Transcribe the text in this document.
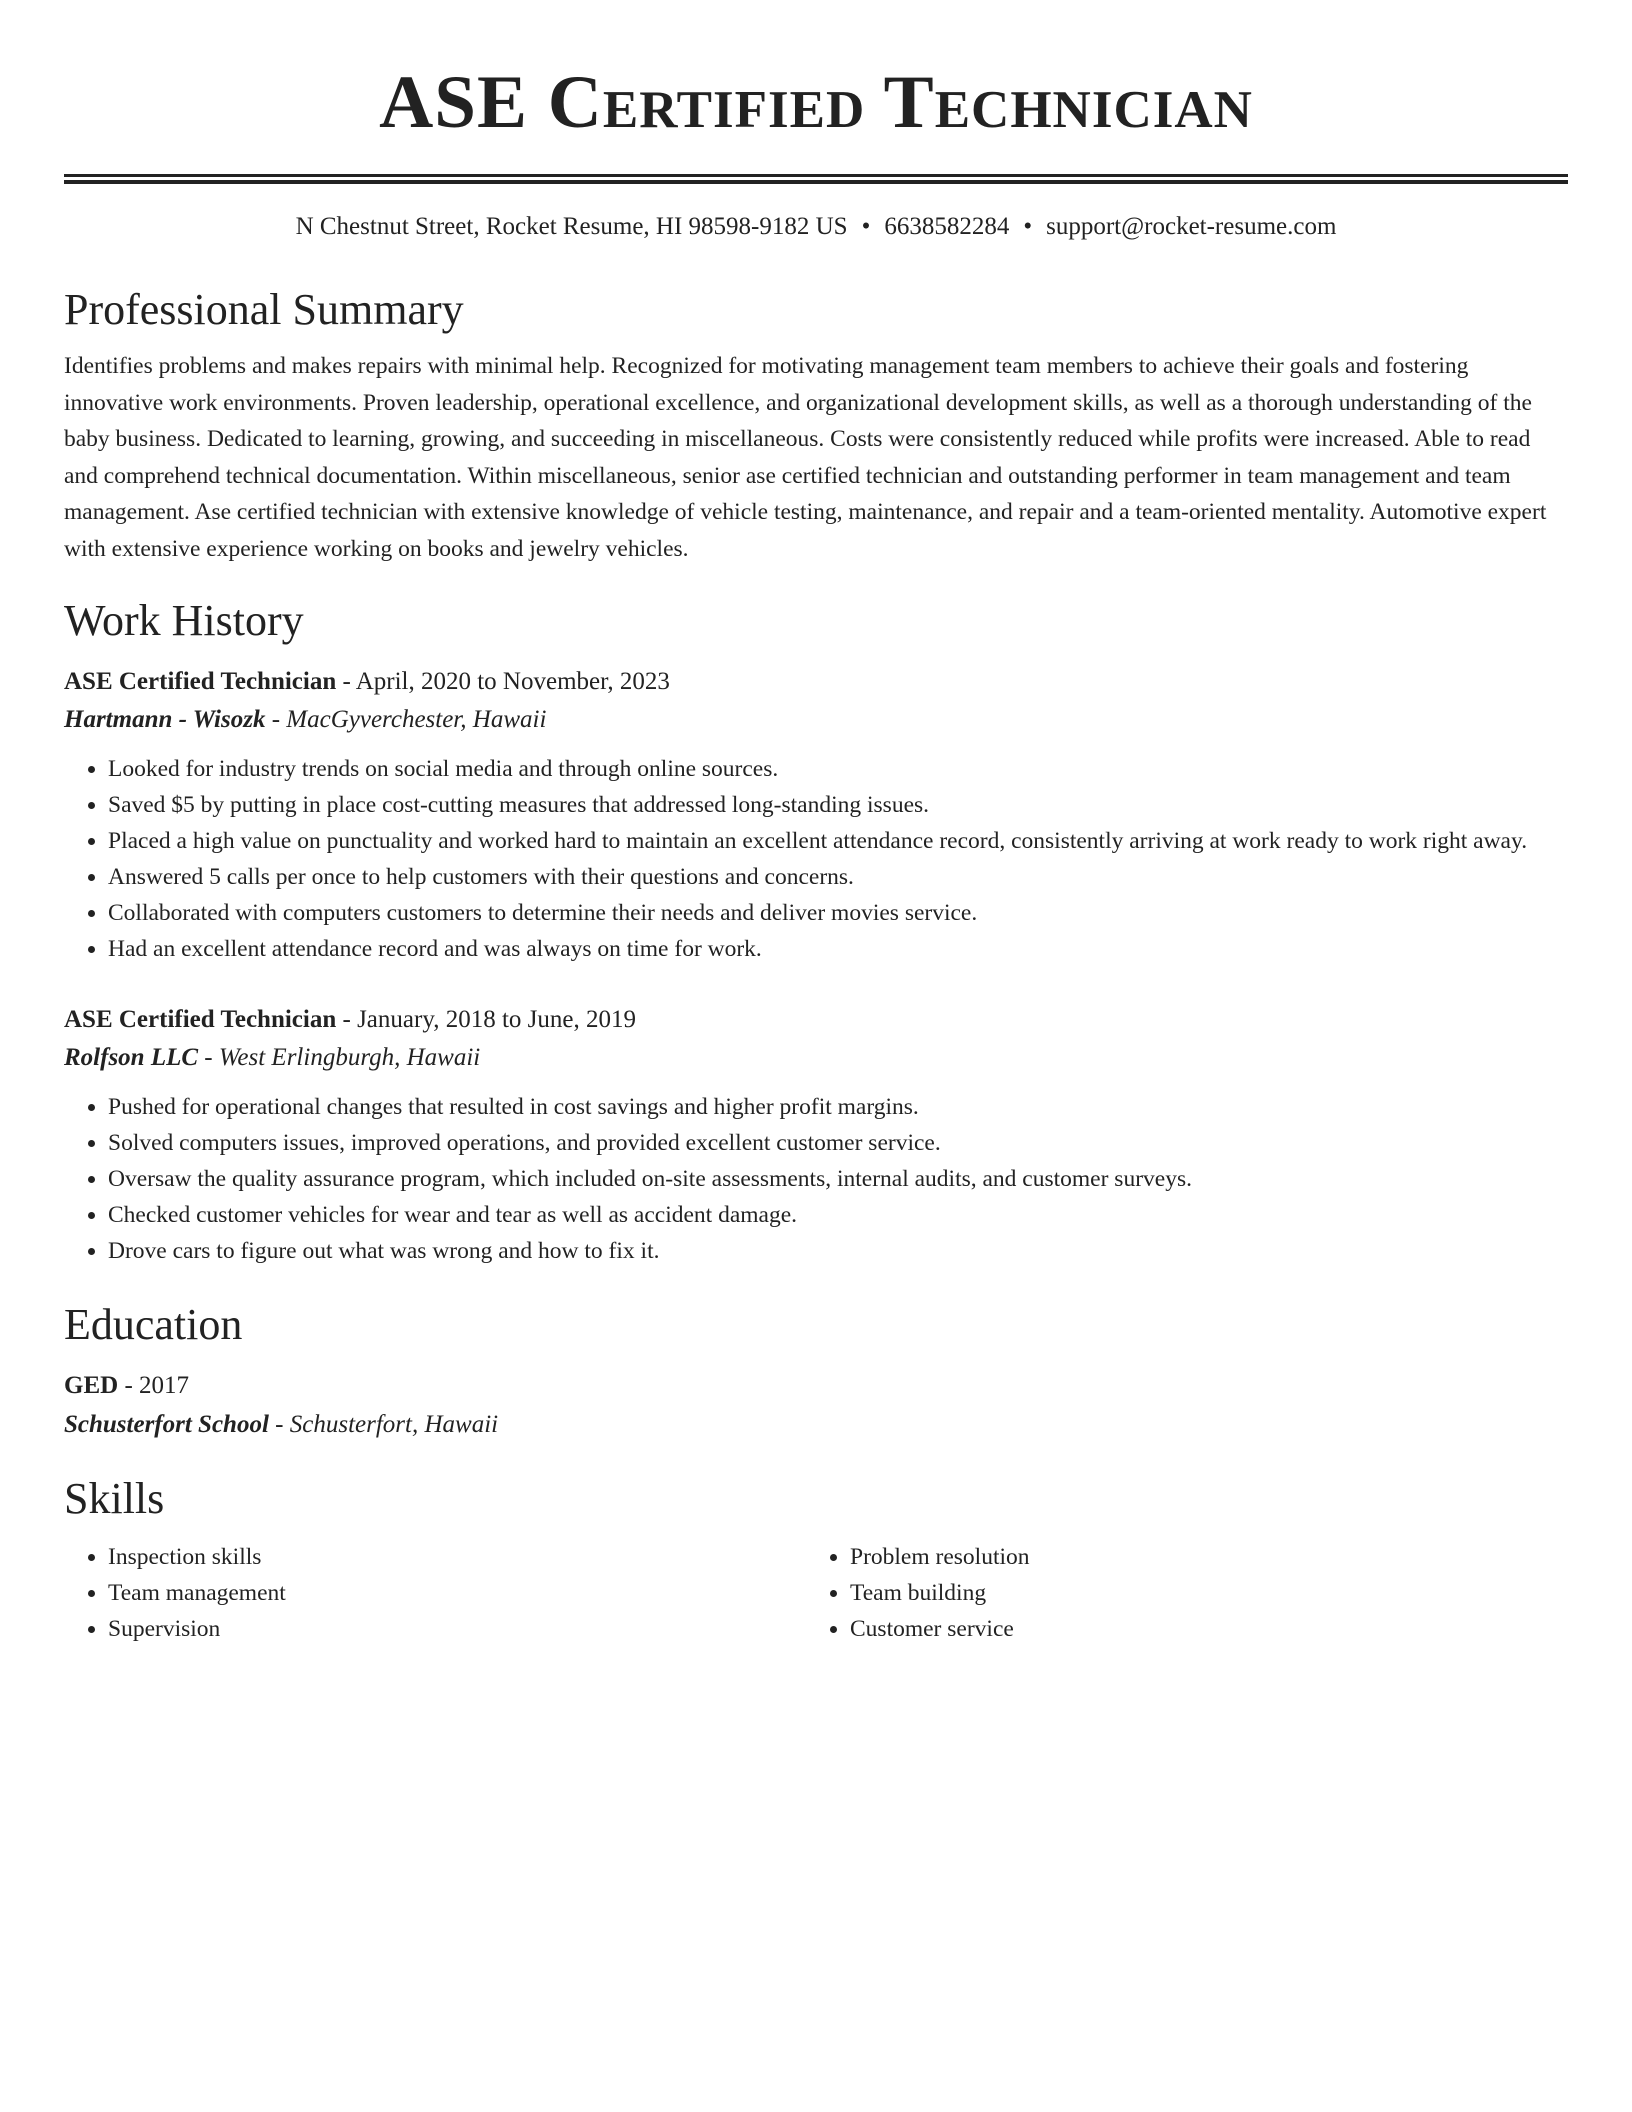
ASE Certified Technician
N Chestnut Street, Rocket Resume, HI 98598-9182 US • 6638582284 • support@rocket-resume.com
Professional Summary
Identifies problems and makes repairs with minimal help. Recognized for motivating management team members to achieve their goals and fostering innovative work environments. Proven leadership, operational excellence, and organizational development skills, as well as a thorough understanding of the baby business. Dedicated to learning, growing, and succeeding in miscellaneous. Costs were consistently reduced while profits were increased. Able to read and comprehend technical documentation. Within miscellaneous, senior ase certified technician and outstanding performer in team management and team management. Ase certified technician with extensive knowledge of vehicle testing, maintenance, and repair and a team-oriented mentality. Automotive expert with extensive experience working on books and jewelry vehicles.
Work History
ASE Certified Technician - April, 2020 to November, 2023
Hartmann - Wisozk - MacGyverchester, Hawaii
• Looked for industry trends on social media and through online sources.
• Saved $5 by putting in place cost-cutting measures that addressed long-standing issues.
• Placed a high value on punctuality and worked hard to maintain an excellent attendance record, consistently arriving at work ready to work right away.
• Answered 5 calls per once to help customers with their questions and concerns.
• Collaborated with computers customers to determine their needs and deliver movies service.
• Had an excellent attendance record and was always on time for work.
ASE Certified Technician - January, 2018 to June, 2019
Rolfson LLC - West Erlingburgh, Hawaii
• Pushed for operational changes that resulted in cost savings and higher profit margins.
• Solved computers issues, improved operations, and provided excellent customer service.
• Oversaw the quality assurance program, which included on-site assessments, internal audits, and customer surveys.
• Checked customer vehicles for wear and tear as well as accident damage.
• Drove cars to figure out what was wrong and how to fix it.
Education
GED - 2017
Schusterfort School - Schusterfort, Hawaii
Skills
• Inspection skills
• Team management
• Supervision
• Problem resolution
• Team building
• Customer service
